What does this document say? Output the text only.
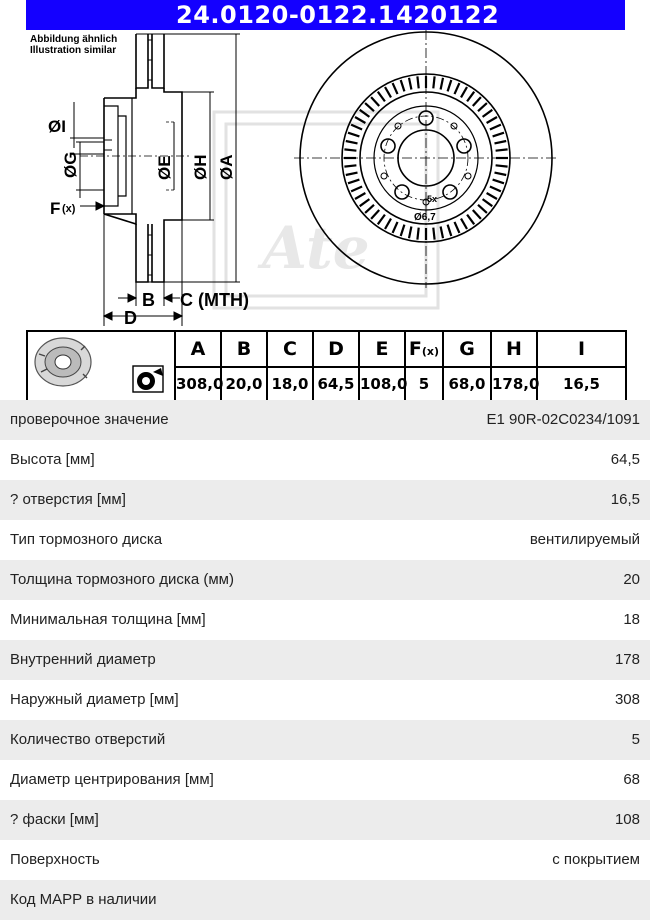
24.0120-0122.1 420122
Ate
Abbildung ähnlich
Illustration similar
ØI
ØG	ØE ØH ØA
F (x)
B C (MTH)
D
5x
Ø6,7
	A	B	C	D	E	F(x)	G	H	I
	308,0	20,0	18,0	64,5	108,0	5	68,0	178,0	16,5
проверочное значение	E1 90R-02C0234/1091
Высота [мм]	64,5
? отверстия [мм]	16,5
Тип тормозного диска	вентилируемый
Толщина тормозного диска (мм)	20
Минимальная толщина [мм]	18
Внутренний диаметр	178
Наружный диаметр [мм]	308
Количество отверстий	5
Диаметр центрирования [мм]	68
? фаски [мм]	108
Поверхность	с покрытием
Код MAPP в наличии
